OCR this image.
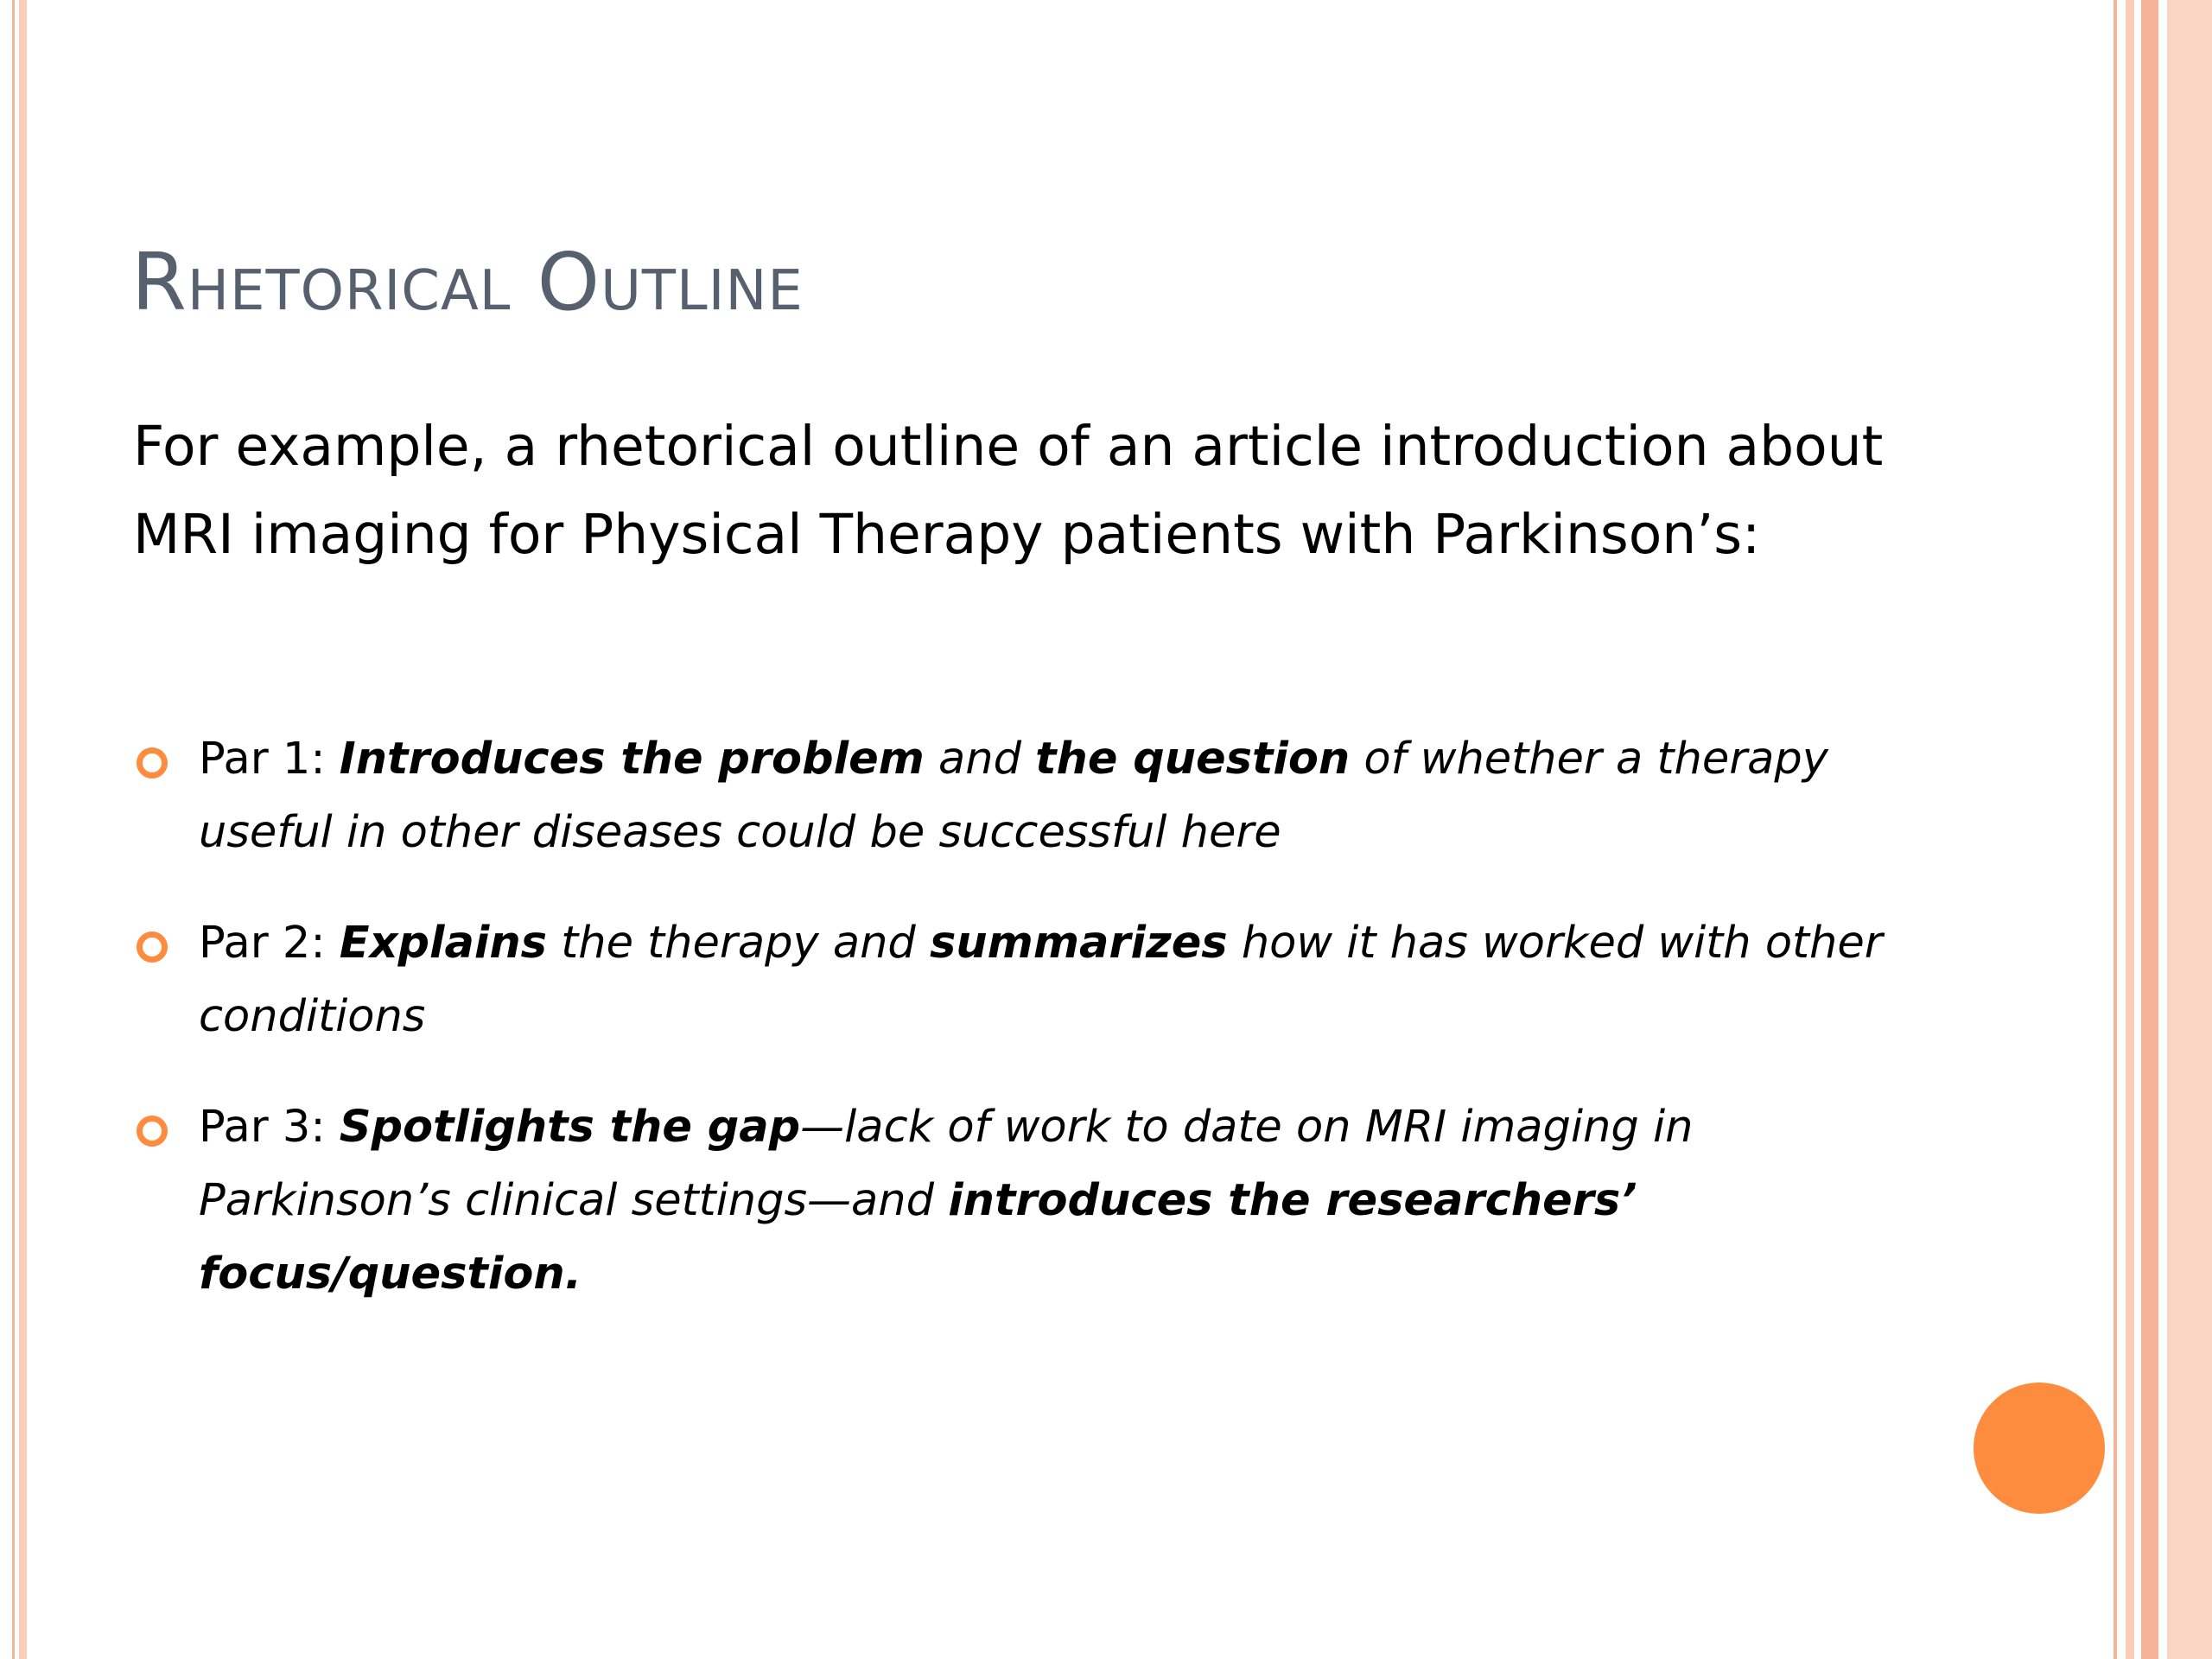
Rhetorical Outline

For example, a rhetorical outline of an article introduction about MRI imaging for Physical Therapy patients with Parkinson’s:

Par 1: Introduces the problem and the question of whether a therapy useful in other diseases could be successful here
Par 2: Explains the therapy and summarizes how it has worked with other conditions
Par 3: Spotlights the gap—lack of work to date on MRI imaging in Parkinson’s clinical settings—and introduces the researchers’ focus/question.
